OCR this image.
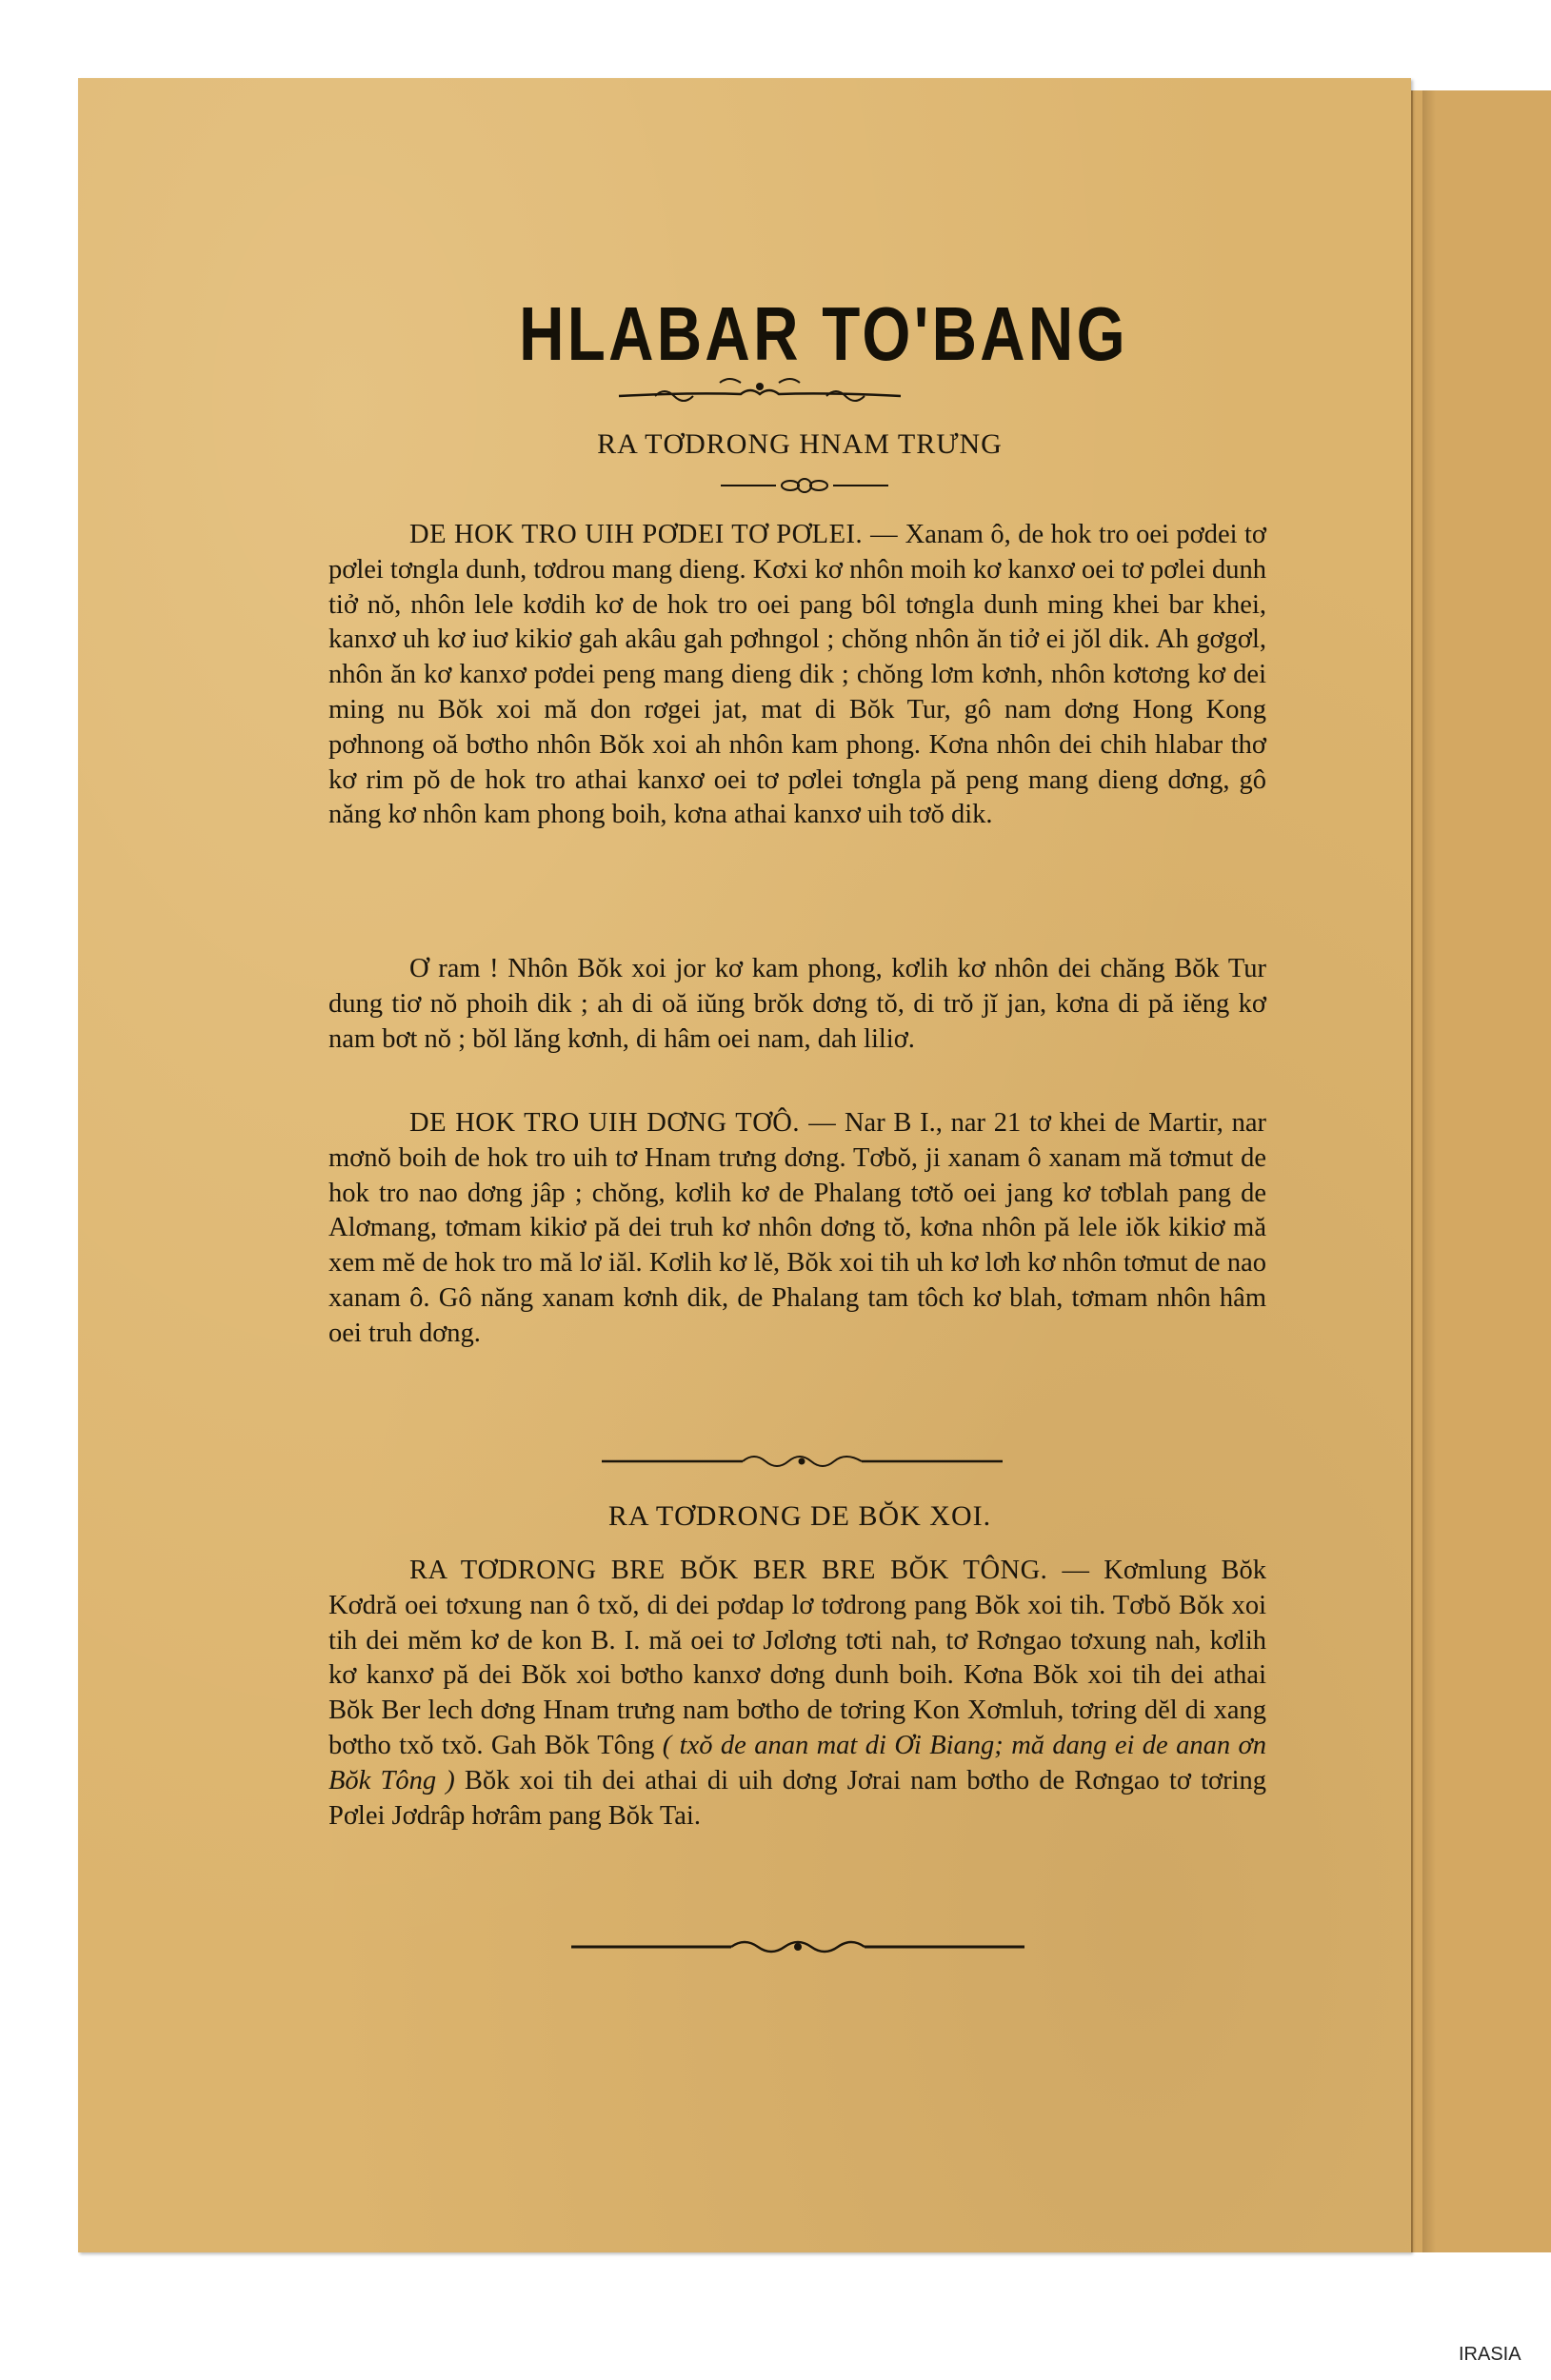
HLABAR TO'BANG
RA TƠDRONG HNAM TRƯNG

DE HOK TRO UIH PƠDEI TƠ PƠLEI. — Xanam ô, de hok tro oei pơdei tơ pơlei tơngla dunh, tơdrou mang dieng. Kơxi kơ nhôn moih kơ kanxơ oei tơ pơlei dunh tiở nŏ, nhôn lele kơdih kơ de hok tro oei pang bôl tơngla dunh ming khei bar khei, kanxơ uh kơ iuơ kikiơ gah akâu gah pơhngol ; chŏng nhôn ăn tiở ei jŏl dik. Ah gơgơl, nhôn ăn kơ kanxơ pơdei peng mang dieng dik ; chŏng lơm kơnh, nhôn kơtơng kơ dei ming nu Bŏk xoi mă don rơgei jat, mat di Bŏk Tur, gô nam dơng Hong Kong pơhnong oă bơtho nhôn Bŏk xoi ah nhôn kam phong. Kơna nhôn dei chih hlabar thơ kơ rim pŏ de hok tro athai kanxơ oei tơ pơlei tơngla pă peng mang dieng dơng, gô năng kơ nhôn kam phong boih, kơna athai kanxơ uih tơŏ dik.

Ơ ram ! Nhôn Bŏk xoi jor kơ kam phong, kơlih kơ nhôn dei chăng Bŏk Tur dung tiơ nŏ phoih dik ; ah di oă iŭng brŏk dơng tŏ, di trŏ jĭ jan, kơna di pă iĕng kơ nam bơt nŏ ; bŏl lăng kơnh, di hâm oei nam, dah liliơ.

DE HOK TRO UIH DƠNG TƠÔ. — Nar B I., nar 21 tơ khei de Martir, nar mơnŏ boih de hok tro uih tơ Hnam trưng dơng. Tơbŏ, ji xanam ô xanam mă tơmut de hok tro nao dơng jâp ; chŏng, kơlih kơ de Phalang tơtŏ oei jang kơ tơblah pang de Alơmang, tơmam kikiơ pă dei truh kơ nhôn dơng tŏ, kơna nhôn pă lele iŏk kikiơ mă xem mĕ de hok tro mă lơ iăl. Kơlih kơ lĕ, Bŏk xoi tih uh kơ lơh kơ nhôn tơmut de nao xanam ô. Gô năng xanam kơnh dik, de Phalang tam tôch kơ blah, tơmam nhôn hâm oei truh dơng.

RA TƠDRONG DE BŎK XOI.

RA TƠDRONG BRE BŎK BER BRE BŎK TÔNG. — Kơmlung Bŏk Kơdră oei tơxung nan ô txŏ, di dei pơdap lơ tơdrong pang Bŏk xoi tih. Tơbŏ Bŏk xoi tih dei mĕm kơ de kon B. I. mă oei tơ Jơlơng tơti nah, tơ Rơngao tơxung nah, kơlih kơ kanxơ pă dei Bŏk xoi bơtho kanxơ dơng dunh boih. Kơna Bŏk xoi tih dei athai Bŏk Ber lech dơng Hnam trưng nam bơtho de tơring Kon Xơmluh, tơring dĕl di xang bơtho txŏ txŏ. Gah Bŏk Tông ( txŏ de anan mat di Ơi Biang; mă dang ei de anan ơn Bŏk Tông ) Bŏk xoi tih dei athai di uih dơng Jơrai nam bơtho de Rơngao tơ tơring Pơlei Jơdrâp hơrâm pang Bŏk Tai.

IRASIA
